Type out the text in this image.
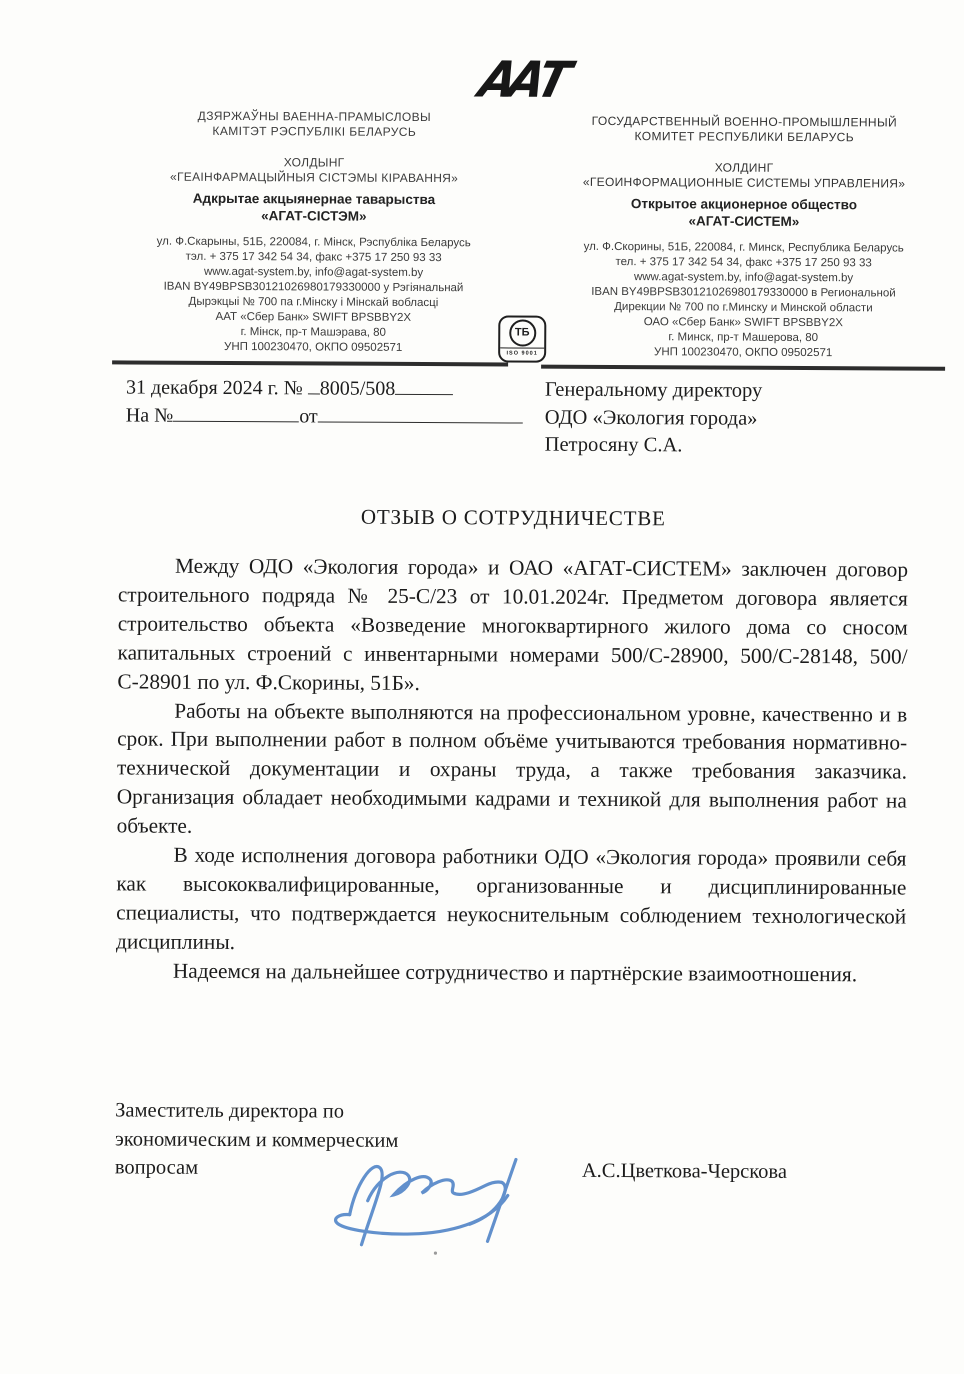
ААТ
ДЗЯРЖАЎНЫ ВАЕННА-ПРАМЫСЛОВЫ
КАМІТЭТ РЭСПУБЛІКІ БЕЛАРУСЬ
ХОЛДЫНГ
«ГЕАІНФАРМАЦЫЙНЫЯ СІСТЭМЫ КІРАВАННЯ»
Адкрытае акцыянернае таварыства
«АГАТ-СІСТЭМ»
ул. Ф.Скарыны, 51Б, 220084, г. Мінск, Рэспубліка Беларусь
тэл. + 375 17 342 54 34, факс +375 17 250 93 33
www.agat-system.by, info@agat-system.by
IBAN BY49BPSB30121026980179330000 у Рэгіянальнай
Дырэкцыі № 700 па г.Мінску і Мінскай вобласці
ААТ «Сбер Банк» SWIFT BPSBBY2X
г. Мінск, пр-т Машэрава, 80
УНП 100230470, ОКПО 09502571
ГОСУДАРСТВЕННЫЙ ВОЕННО-ПРОМЫШЛЕННЫЙ
КОМИТЕТ РЕСПУБЛИКИ БЕЛАРУСЬ
ХОЛДИНГ
«ГЕОИНФОРМАЦИОННЫЕ СИСТЕМЫ УПРАВЛЕНИЯ»
Открытое акционерное общество
«АГАТ-СИСТЕМ»
ул. Ф.Скорины, 51Б, 220084, г. Минск, Республика Беларусь
тел. + 375 17 342 54 34, факс +375 17 250 93 33
www.agat-system.by, info@agat-system.by
IBAN BY49BPSB30121026980179330000 в Региональной
Дирекции № 700 по г.Минску и Минской области
ОАО «Сбер Банк» SWIFT BPSBBY2X
г. Минск, пр-т Машерова, 80
УНП 100230470, ОКПО 09502571
ТБ
ISO 9001
31 декабря 2024 г. № 8005/508
На №	от
Генеральному директору
ОДО «Экология города»
Петросяну С.А.
ОТЗЫВ О СОТРУДНИЧЕСТВЕ

Между ОДО «Экология города» и ОАО «АГАТ-СИСТЕМ» заключен договор строительного подряда № 25-С/23 от 10.01.2024г. Предметом договора является строительство объекта «Возведение многоквартирного жилого дома со сносом капитальных строений с инвентарными номерами 500/С-28900, 500/С-28148, 500/С-28901 по ул. Ф.Скорины, 51Б».

Работы на объекте выполняются на профессиональном уровне, качественно и в срок. При выполнении работ в полном объёме учитываются требования нормативно-технической документации и охраны труда, а также требования заказчика. Организация обладает необходимыми кадрами и техникой для выполнения работ на объекте.

В ходе исполнения договора работники ОДО «Экология города» проявили себя как высококвалифицированные, организованные и дисциплинированные специалисты, что подтверждается неукоснительным соблюдением технологической дисциплины.

Надеемся на дальнейшее сотрудничество и партнёрские взаимоотношения.

Заместитель директора по
экономическим и коммерческим
вопросам	А.С.Цветкова-Черскова
